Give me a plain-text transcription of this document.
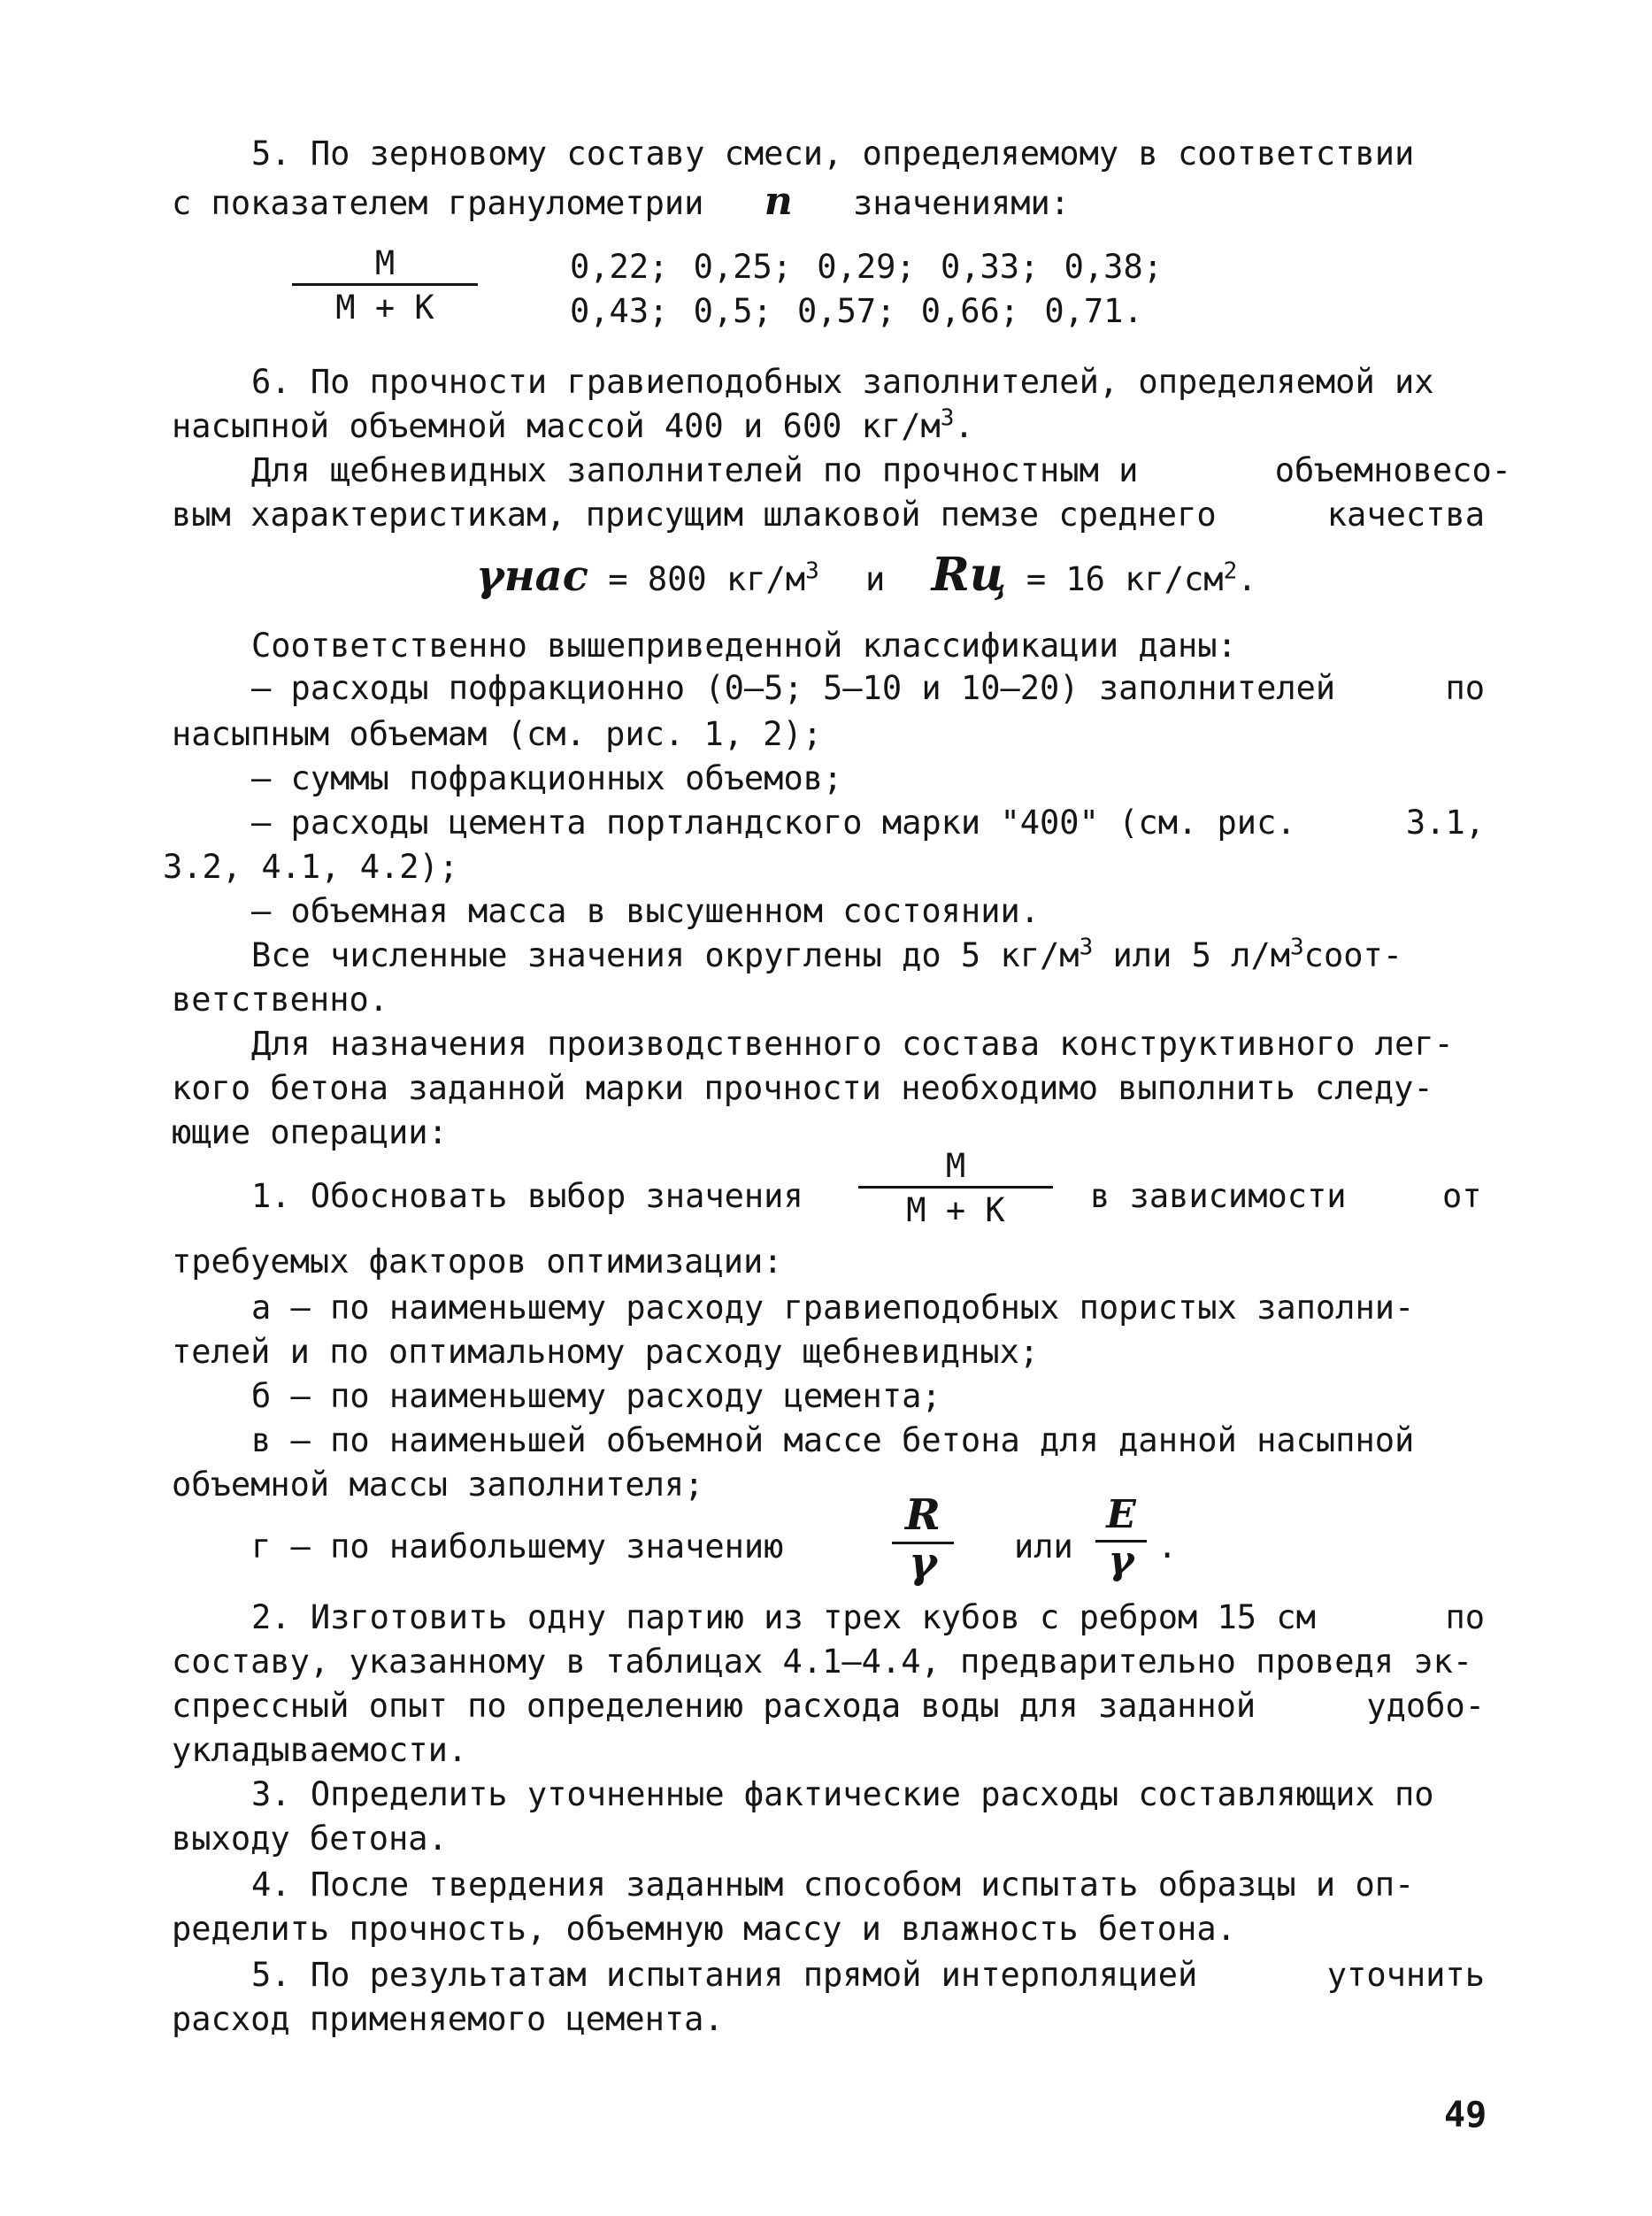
5. По зерновому составу смеси, определяемому в соответствии
с показателем гранулометрии n значениями:
М
М + К
0,22; 0,25; 0,29; 0,33; 0,38;
0,43; 0,5; 0,57; 0,66; 0,71.
6. По прочности гравиеподобных заполнителей, определяемой их
насыпной объемной массой 400 и 600 $кг/м^3$.
Для щебневидных заполнителей по прочностным и	объемновесо-
вым характеристикам, присущим шлаковой пемзе среднего	качества
γнас = 800 $кг/м^3$ и Rц = 16 $кг/см^2$.
Соответственно вышеприведенной классификации даны:
– расходы пофракционно (0–5; 5–10 и 10–20) заполнителей	по
насыпным объемам (см. рис. 1, 2);
– суммы пофракционных объемов;
– расходы цемента портландского марки "400" (см. рис.	3.1,
3.2, 4.1, 4.2);
– объемная масса в высушенном состоянии.
Все численные значения округлены до 5 $кг/м^3$ или 5 $л/м^3соот-$
ветственно.
Для назначения производственного состава конструктивного лег-
кого бетона заданной марки прочности необходимо выполнить следу-
ющие операции:
1. Обосновать выбор значения
М
М + К	в зависимости	от
требуемых факторов оптимизации:
а – по наименьшему расходу гравиеподобных пористых заполни-
телей и по оптимальному расходу щебневидных;
б – по наименьшему расходу цемента;
в – по наименьшей объемной массе бетона для данной насыпной
объемной массы заполнителя;
г – по наибольшему значению
R
γ	или
E
γ .
2. Изготовить одну партию из трех кубов с ребром 15 см	по
составу, указанному в таблицах 4.1–4.4, предварительно проведя эк-
спрессный опыт по определению расхода воды для заданной	удобо-
укладываемости.
3. Определить уточненные фактические расходы составляющих по
выходу бетона.
4. После твердения заданным способом испытать образцы и оп-
ределить прочность, объемную массу и влажность бетона.
5. По результатам испытания прямой интерполяцией	уточнить
расход применяемого цемента.
49
